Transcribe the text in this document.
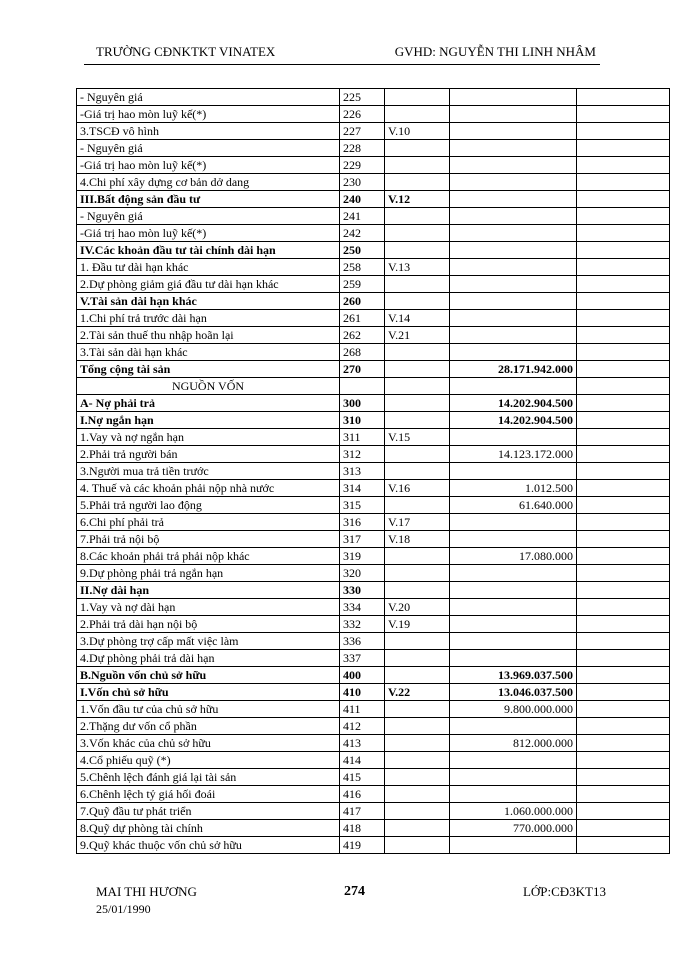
TRƯỜNG CĐNKTKT VINATEX	GVHD: NGUYỄN THI LINH NHÂM
- Nguyên giá	225			
-Giá trị hao mòn luỹ kế(*)	226			
3.TSCĐ vô hình	227	V.10		
- Nguyên giá	228			
-Giá trị hao mòn luỹ kế(*)	229			
4.Chi phí xây dựng cơ bản dở dang	230			
III.Bất động sản đầu tư	240	V.12		
- Nguyên giá	241			
-Giá trị hao mòn luỹ kế(*)	242			
IV.Các khoản đầu tư tài chính dài hạn	250			
1. Đầu tư dài hạn khác	258	V.13		
2.Dự phòng giảm giá đầu tư dài hạn khác	259			
V.Tài sản dài hạn khác	260			
1.Chi phí trả trước dài hạn	261	V.14		
2.Tài sản thuế thu nhập hoãn lại	262	V.21		
3.Tài sản dài hạn khác	268			
Tổng cộng tài sản	270		28.171.942.000	
NGUỒN VỐN				
A- Nợ phải trả	300		14.202.904.500	
I.Nợ ngắn hạn	310		14.202.904.500	
1.Vay và nợ ngắn hạn	311	V.15		
2.Phải trả người bán	312		14.123.172.000	
3.Người mua trả tiền trước	313			
4. Thuế và các khoản phải nộp nhà nước	314	V.16	1.012.500	
5.Phải trả người lao động	315		61.640.000	
6.Chi phí phải trả	316	V.17		
7.Phải trả nội bộ	317	V.18		
8.Các khoản phải trả phải nộp khác	319		17.080.000	
9.Dự phòng phải trả ngắn hạn	320			
II.Nợ dài hạn	330			
1.Vay và nợ dài hạn	334	V.20		
2.Phải trả dài hạn nội bộ	332	V.19		
3.Dự phòng trợ cấp mất việc làm	336			
4.Dự phòng phải trả dài hạn	337			
B.Nguồn vốn chủ sở hữu	400		13.969.037.500	
I.Vốn chủ sở hữu	410	V.22	13.046.037.500	
1.Vốn đầu tư của chủ sở hữu	411		9.800.000.000	
2.Thặng dư vốn cổ phần	412			
3.Vốn khác của chủ sở hữu	413		812.000.000	
4.Cổ phiếu quỹ (*)	414			
5.Chênh lệch đánh giá lại tài sản	415			
6.Chênh lệch tỷ giá hối đoái	416			
7.Quỹ đầu tư phát triển	417		1.060.000.000	
8.Quỹ dự phòng tài chính	418		770.000.000	
9.Quỹ khác thuộc vốn chủ sở hữu	419			
MAI THI HƯƠNG
25/01/1990
274	LỚP:CĐ3KT13
